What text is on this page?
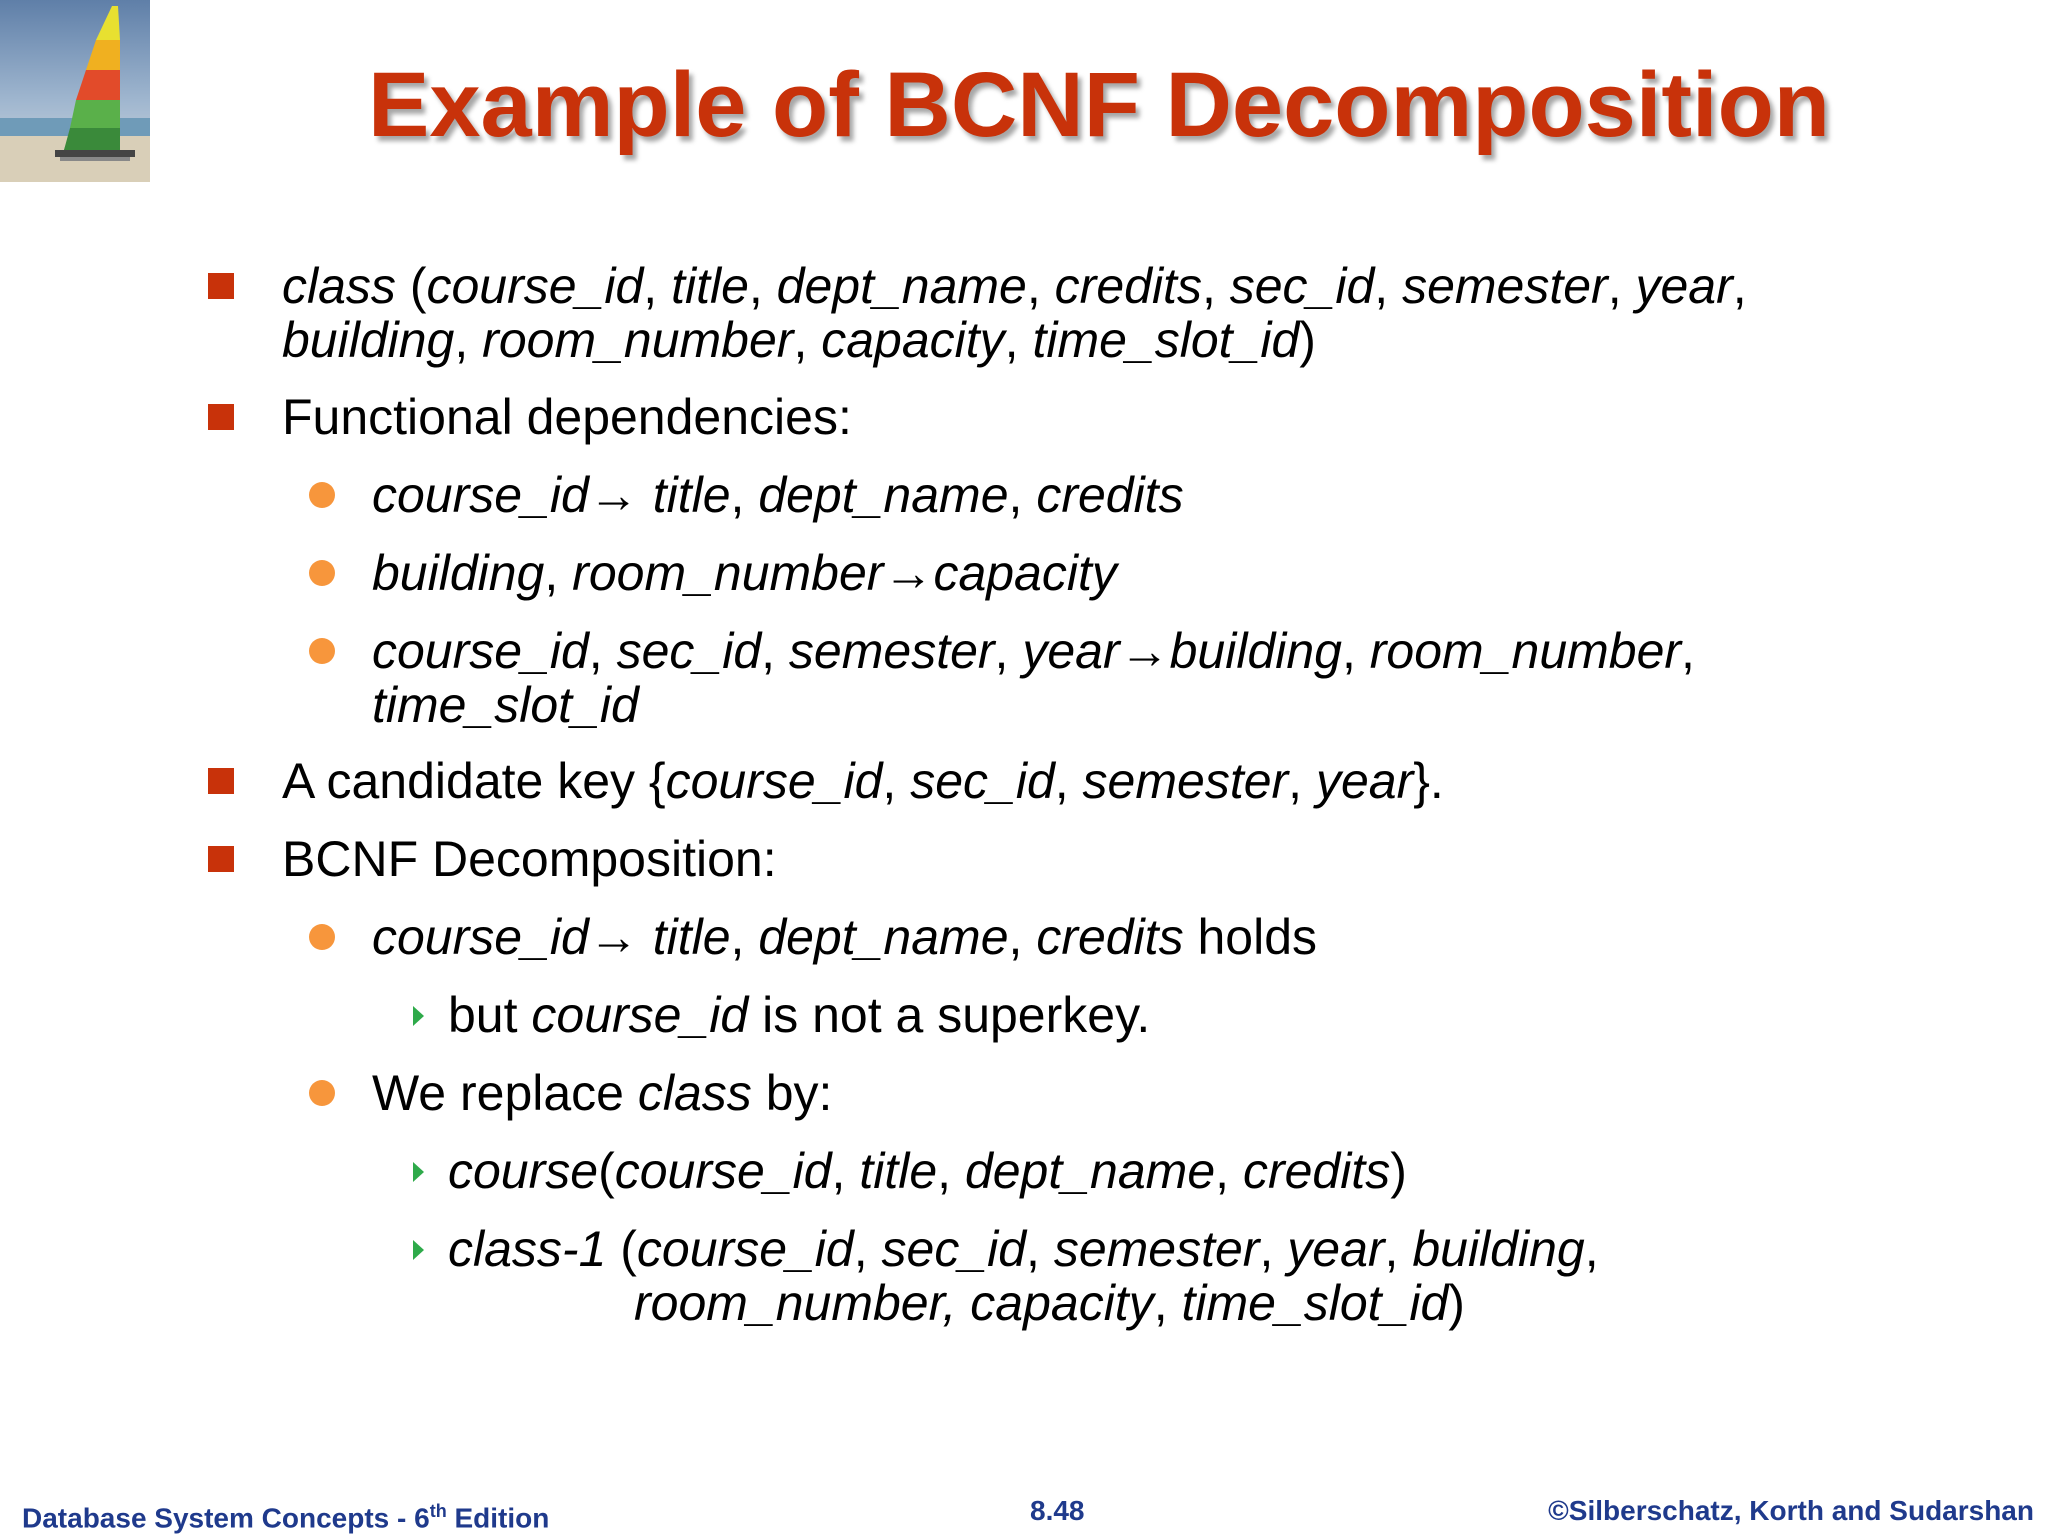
Example of BCNF Decomposition
class (course_id, title, dept_name, credits, sec_id, semester, year,
building, room_number, capacity, time_slot_id)
Functional dependencies:
course_id→ title, dept_name, credits
building, room_number→capacity
course_id, sec_id, semester, year→building, room_number,
time_slot_id
A candidate key {course_id, sec_id, semester, year}.
BCNF Decomposition:
course_id→ title, dept_name, credits holds
but course_id is not a superkey.
We replace class by:
course(course_id, title, dept_name, credits)
class-1 (course_id, sec_id, semester, year, building,
room_number, capacity, time_slot_id)
Database System Concepts - 6th Edition	8.48	©Silberschatz, Korth and Sudarshan
